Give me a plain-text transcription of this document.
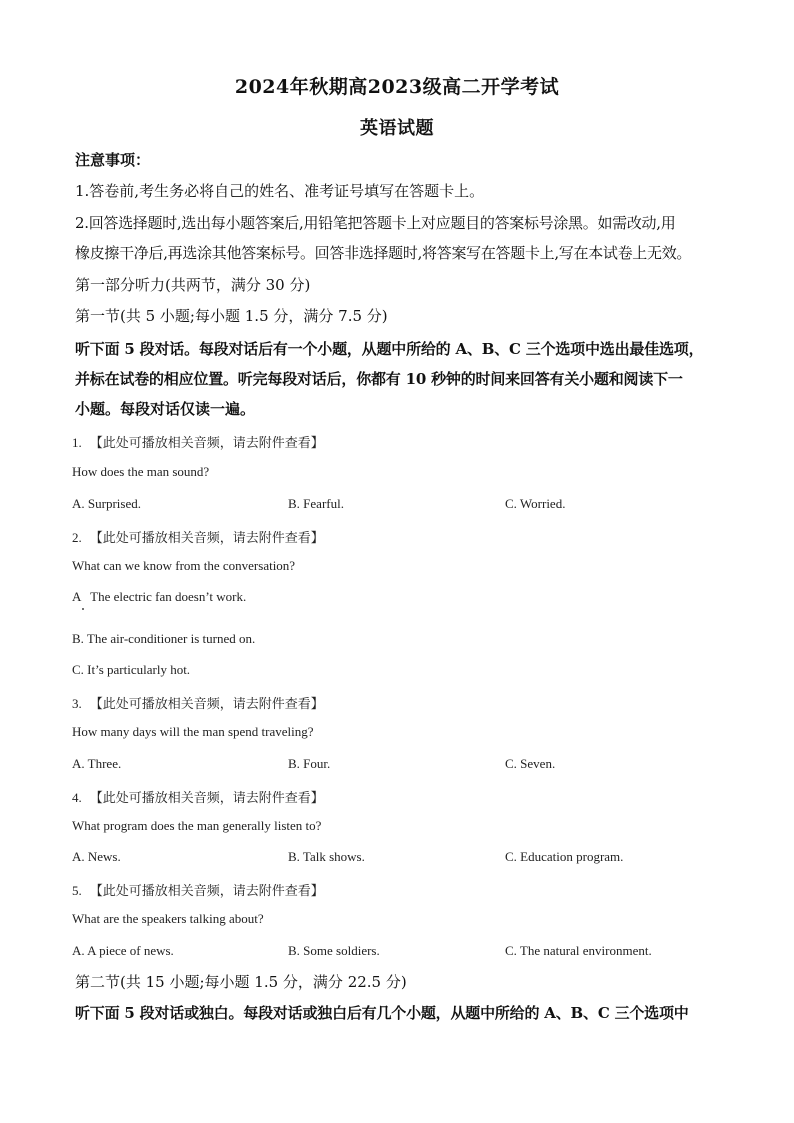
2024年秋期高2023级高二开学考试
英语试题
注意事项：
1.答卷前,考生务必将自己的姓名、准考证号填写在答题卡上。
2.回答选择题时,选出每小题答案后,用铅笔把答题卡上对应题目的答案标号涂黑。如需改动,用
橡皮擦干净后,再选涂其他答案标号。回答非选择题时,将答案写在答题卡上,写在本试卷上无效。
第一部分听力(共两节，满分 30 分)
第一节(共 5 小题;每小题 1.5 分，满分 7.5 分)
听下面 5 段对话。每段对话后有一个小题，从题中所给的 A、B、C 三个选项中选出最佳选项，
并标在试卷的相应位置。听完每段对话后，你都有 10 秒钟的时间来回答有关小题和阅读下一
小题。每段对话仅读一遍。
1. 【此处可播放相关音频，请去附件查看】
How does the man sound?
A. Surprised.	B. Fearful.	C. Worried.
2. 【此处可播放相关音频，请去附件查看】
What can we know from the conversation?
A   The electric fan doesn’t work.
B. The air-conditioner is turned on.
C. It’s particularly hot.
3. 【此处可播放相关音频，请去附件查看】
How many days will the man spend traveling?
A. Three.	B. Four.	C. Seven.
4. 【此处可播放相关音频，请去附件查看】
What program does the man generally listen to?
A. News.	B. Talk shows.	C. Education program.
5. 【此处可播放相关音频，请去附件查看】
What are the speakers talking about?
A. A piece of news.	B. Some soldiers.	C. The natural environment.
第二节(共 15 小题;每小题 1.5 分，满分 22.5 分)
听下面 5 段对话或独白。每段对话或独白后有几个小题，从题中所给的 A、B、C 三个选项中
